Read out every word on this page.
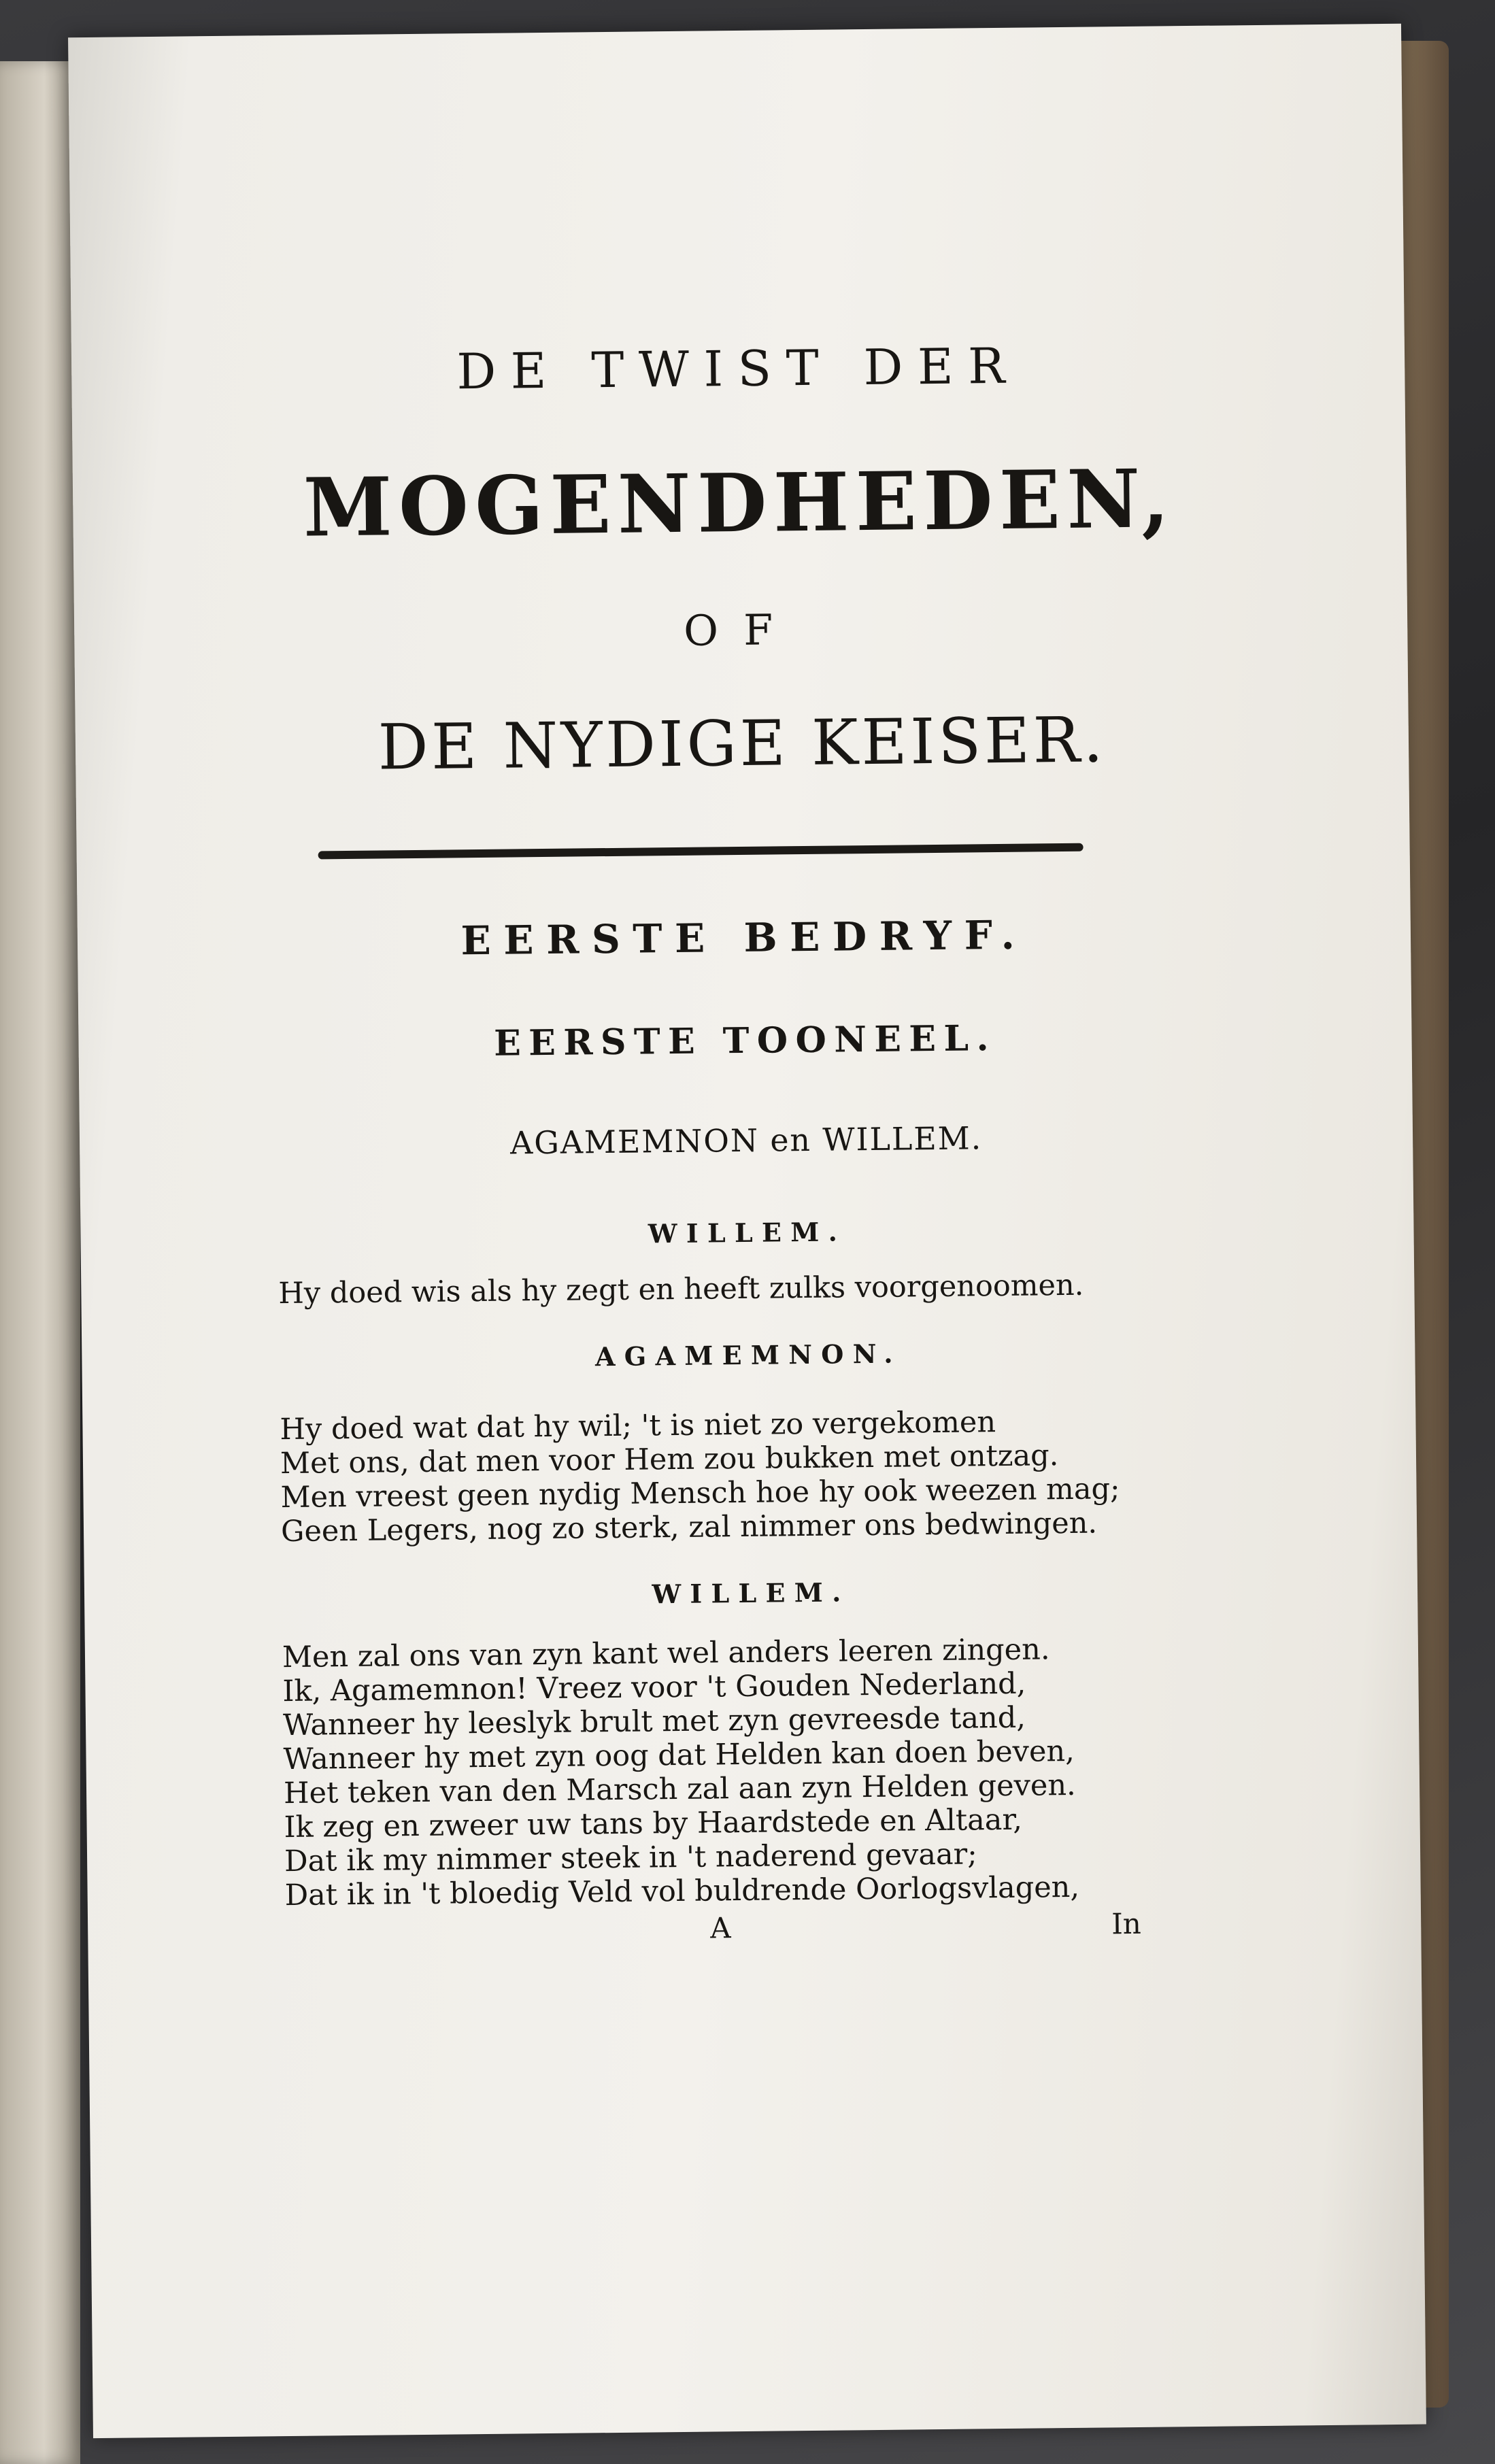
DE TWIST DER
MOGENDHEDEN,
OF
DE NYDIGE KEISER.
EERSTE BEDRYF.
EERSTE TOONEEL.
AGAMEMNON en WILLEM.
WILLEM.
Hy doed wis als hy zegt en heeft zulks voorgenoomen.
AGAMEMNON.
Hy doed wat dat hy wil; 't is niet zo vergekomen
Met ons, dat men voor Hem zou bukken met ontzag.
Men vreest geen nydig Mensch hoe hy ook weezen mag;
Geen Legers, nog zo sterk, zal nimmer ons bedwingen.
WILLEM.
Men zal ons van zyn kant wel anders leeren zingen.
Ik, Agamemnon! Vreez voor 't Gouden Nederland,
Wanneer hy leeslyk brult met zyn gevreesde tand,
Wanneer hy met zyn oog dat Helden kan doen beven,
Het teken van den Marsch zal aan zyn Helden geven.
Ik zeg en zweer uw tans by Haardstede en Altaar,
Dat ik my nimmer steek in 't naderend gevaar;
Dat ik in 't bloedig Veld vol buldrende Oorlogsvlagen,
A	In
